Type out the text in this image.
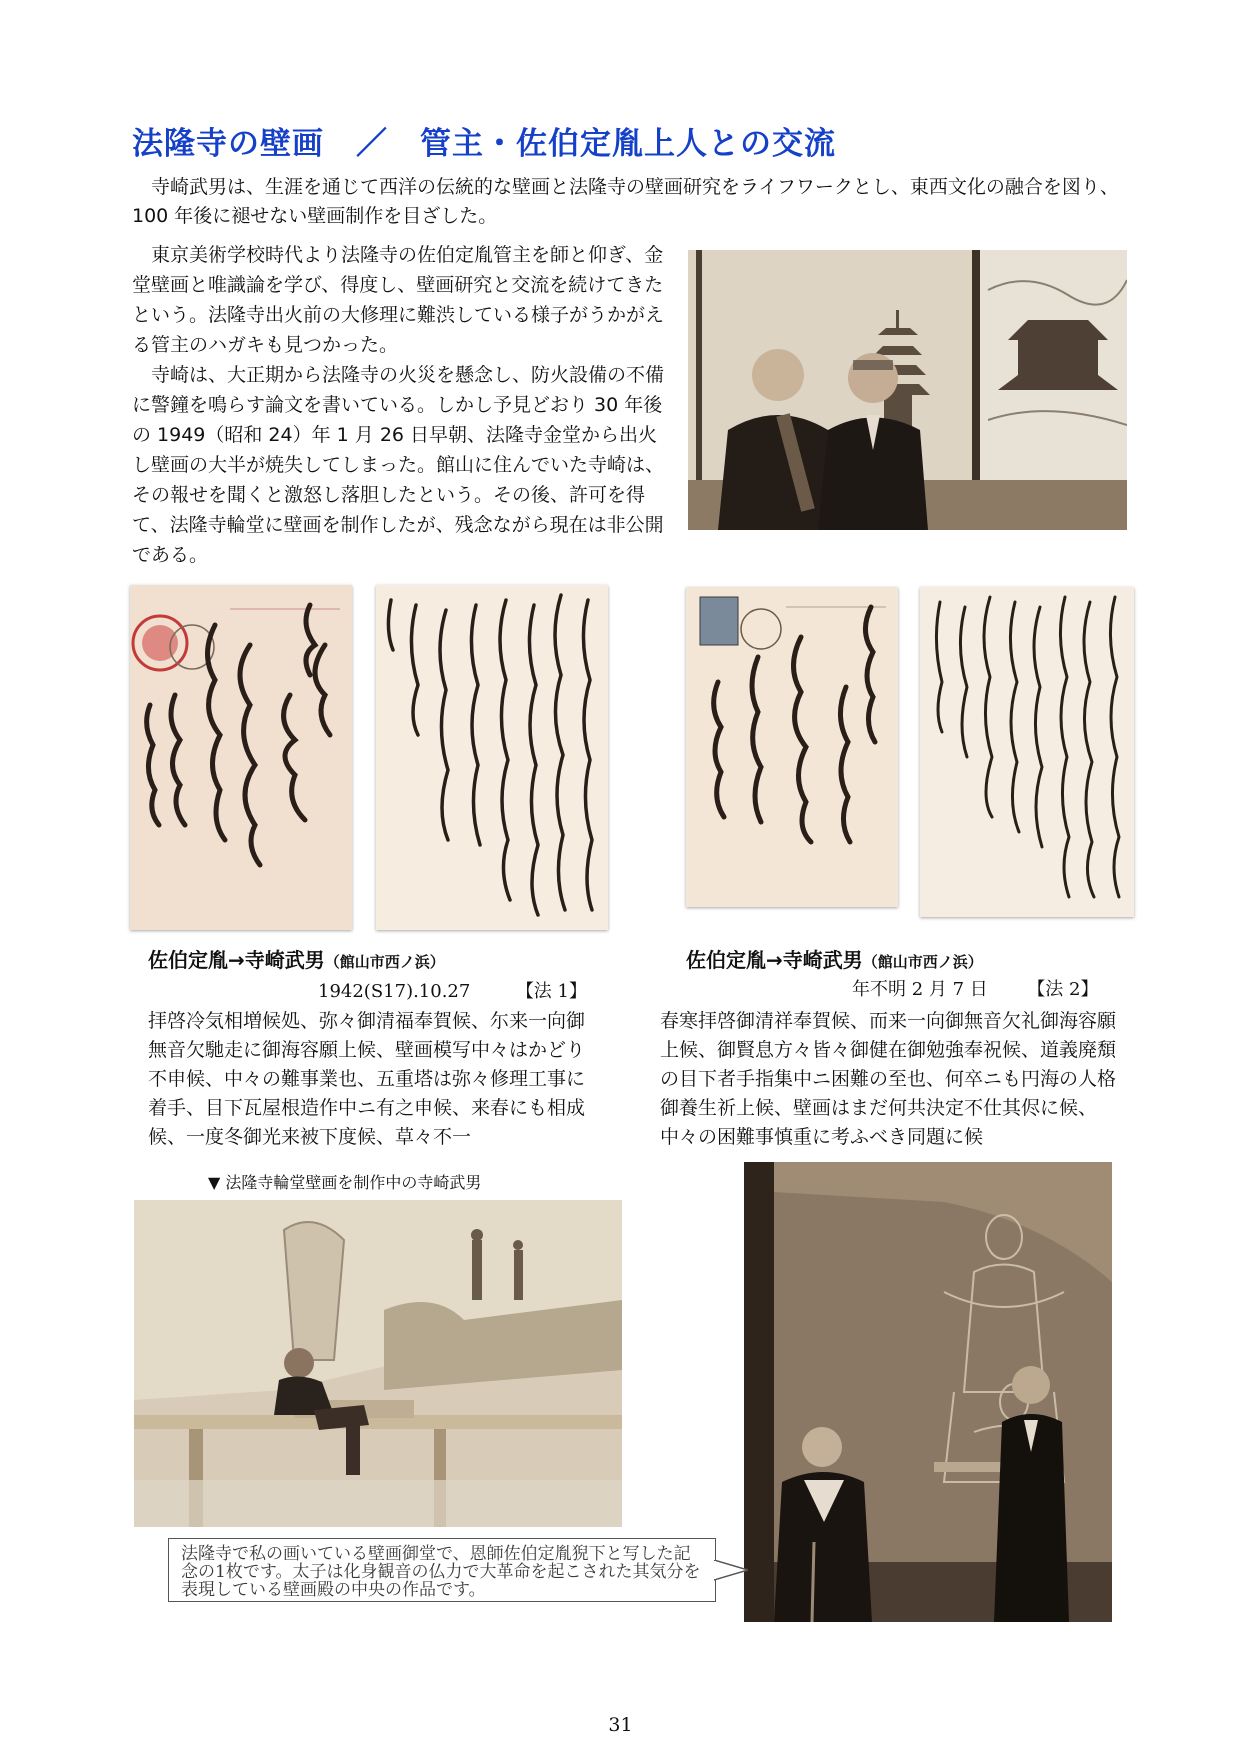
法隆寺の壁画　／　管主・佐伯定胤上人との交流
寺崎武男は、生涯を通じて西洋の伝統的な壁画と法隆寺の壁画研究をライフワークとし、東西文化の融合を図り、100 年後に褪せない壁画制作を目ざした。

東京美術学校時代より法隆寺の佐伯定胤管主を師と仰ぎ、金堂壁画と唯識論を学び、得度し、壁画研究と交流を続けてきたという。法隆寺出火前の大修理に難渋している様子がうかがえる管主のハガキも見つかった。

寺崎は、大正期から法隆寺の火災を懸念し、防火設備の不備に警鐘を鳴らす論文を書いている。しかし予見どおり 30 年後の 1949（昭和 24）年 1 月 26 日早朝、法隆寺金堂から出火し壁画の大半が焼失してしまった。館山に住んでいた寺崎は、その報せを聞くと激怒し落胆したという。その後、許可を得て、法隆寺輪堂に壁画を制作したが、残念ながら現在は非公開である。

佐伯定胤→寺崎武男（館山市西ノ浜）
1942(S17).10.27	【法 1】
拝啓冷気相増候処、弥々御清福奉賀候、尓来一向御無音欠馳走に御海容願上候、壁画模写中々はかどり不申候、中々の難事業也、五重塔は弥々修理工事に着手、目下瓦屋根造作中ニ有之申候、来春にも相成候、一度冬御光来被下度候、草々不一
佐伯定胤→寺崎武男（館山市西ノ浜）
年不明 2 月 7 日 【法 2】
春寒拝啓御清祥奉賀候、而来一向御無音欠礼御海容願上候、御賢息方々皆々御健在御勉強奉祝候、道義廃頽の目下者手指集中ニ困難の至也、何卒ニも円海の人格御養生祈上候、壁画はまだ何共決定不仕其侭に候、中々の困難事慎重に考ふべき同題に候
▼ 法隆寺輪堂壁画を制作中の寺崎武男
法隆寺で私の画いている壁画御堂で、恩師佐伯定胤猊下と写した記念の1枚です。太子は化身観音の仏力で大革命を起こされた其気分を表現している壁画殿の中央の作品です。
31
